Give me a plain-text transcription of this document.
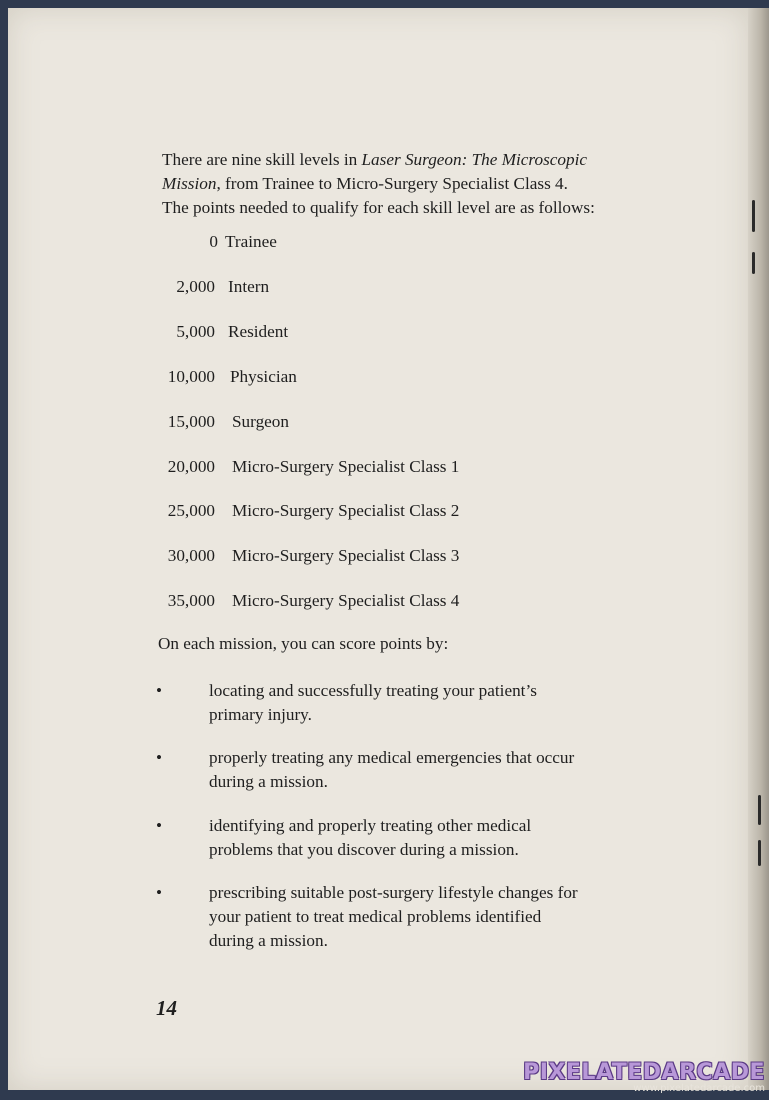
There are nine skill levels in Laser Surgeon: The Microscopic

Mission, from Trainee to Micro-Surgery Specialist Class 4.

The points needed to qualify for each skill level are as follows:

0 Trainee
2,000 Intern
5,000 Resident
10,000 Physician
15,000 Surgeon
20,000 Micro-Surgery Specialist Class 1
25,000 Micro-Surgery Specialist Class 2
30,000 Micro-Surgery Specialist Class 3
35,000 Micro-Surgery Specialist Class 4
On each mission, you can score points by:
•	locating and successfully treating your patient’s
primary injury.
•	properly treating any medical emergencies that occur
during a mission.
•	identifying and properly treating other medical
problems that you discover during a mission.
•	prescribing suitable post-surgery lifestyle changes for
your patient to treat medical problems identified
during a mission.
14
PIXELATEDARCADE
www.pixelatedarcade.com
